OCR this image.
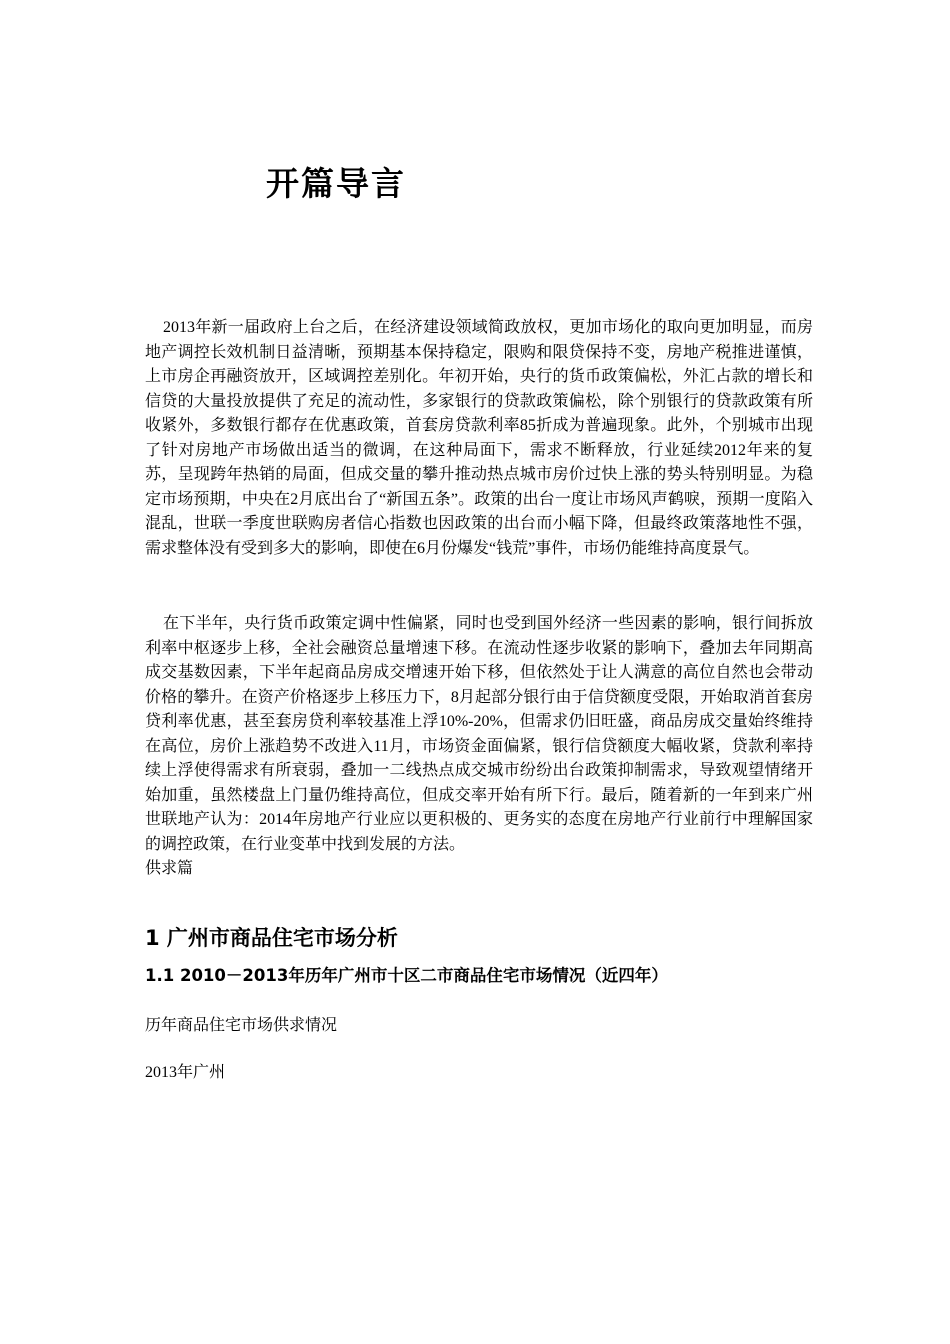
开篇导言

2013年新一届政府上台之后，在经济建设领域简政放权，更加市场化的取向更加明显，而房地产调控长效机制日益清晰，预期基本保持稳定，限购和限贷保持不变，房地产税推进谨慎，上市房企再融资放开，区域调控差别化。年初开始，央行的货币政策偏松，外汇占款的增长和信贷的大量投放提供了充足的流动性，多家银行的贷款政策偏松，除个别银行的贷款政策有所收紧外，多数银行都存在优惠政策，首套房贷款利率85折成为普遍现象。此外，个别城市出现了针对房地产市场做出适当的微调，在这种局面下，需求不断释放，行业延续2012年来的复苏，呈现跨年热销的局面，但成交量的攀升推动热点城市房价过快上涨的势头特别明显。为稳定市场预期，中央在2月底出台了“新国五条”。政策的出台一度让市场风声鹤唳，预期一度陷入混乱，世联一季度世联购房者信心指数也因政策的出台而小幅下降，但最终政策落地性不强，需求整体没有受到多大的影响，即使在6月份爆发“钱荒”事件，市场仍能维持高度景气。

在下半年，央行货币政策定调中性偏紧，同时也受到国外经济一些因素的影响，银行间拆放利率中枢逐步上移，全社会融资总量增速下移。在流动性逐步收紧的影响下，叠加去年同期高成交基数因素，下半年起商品房成交增速开始下移，但依然处于让人满意的高位自然也会带动价格的攀升。在资产价格逐步上移压力下，8月起部分银行由于信贷额度受限，开始取消首套房贷利率优惠，甚至套房贷利率较基准上浮10%-20%，但需求仍旧旺盛，商品房成交量始终维持在高位，房价上涨趋势不改进入11月，市场资金面偏紧，银行信贷额度大幅收紧，贷款利率持续上浮使得需求有所衰弱，叠加一二线热点成交城市纷纷出台政策抑制需求，导致观望情绪开始加重，虽然楼盘上门量仍维持高位，但成交率开始有所下行。最后，随着新的一年到来广州世联地产认为：2014年房地产行业应以更积极的、更务实的态度在房地产行业前行中理解国家的调控政策，在行业变革中找到发展的方法。

供求篇

1 广州市商品住宅市场分析
1.1 2010－2013年历年广州市十区二市商品住宅市场情况（近四年）

历年商品住宅市场供求情况

2013年广州
